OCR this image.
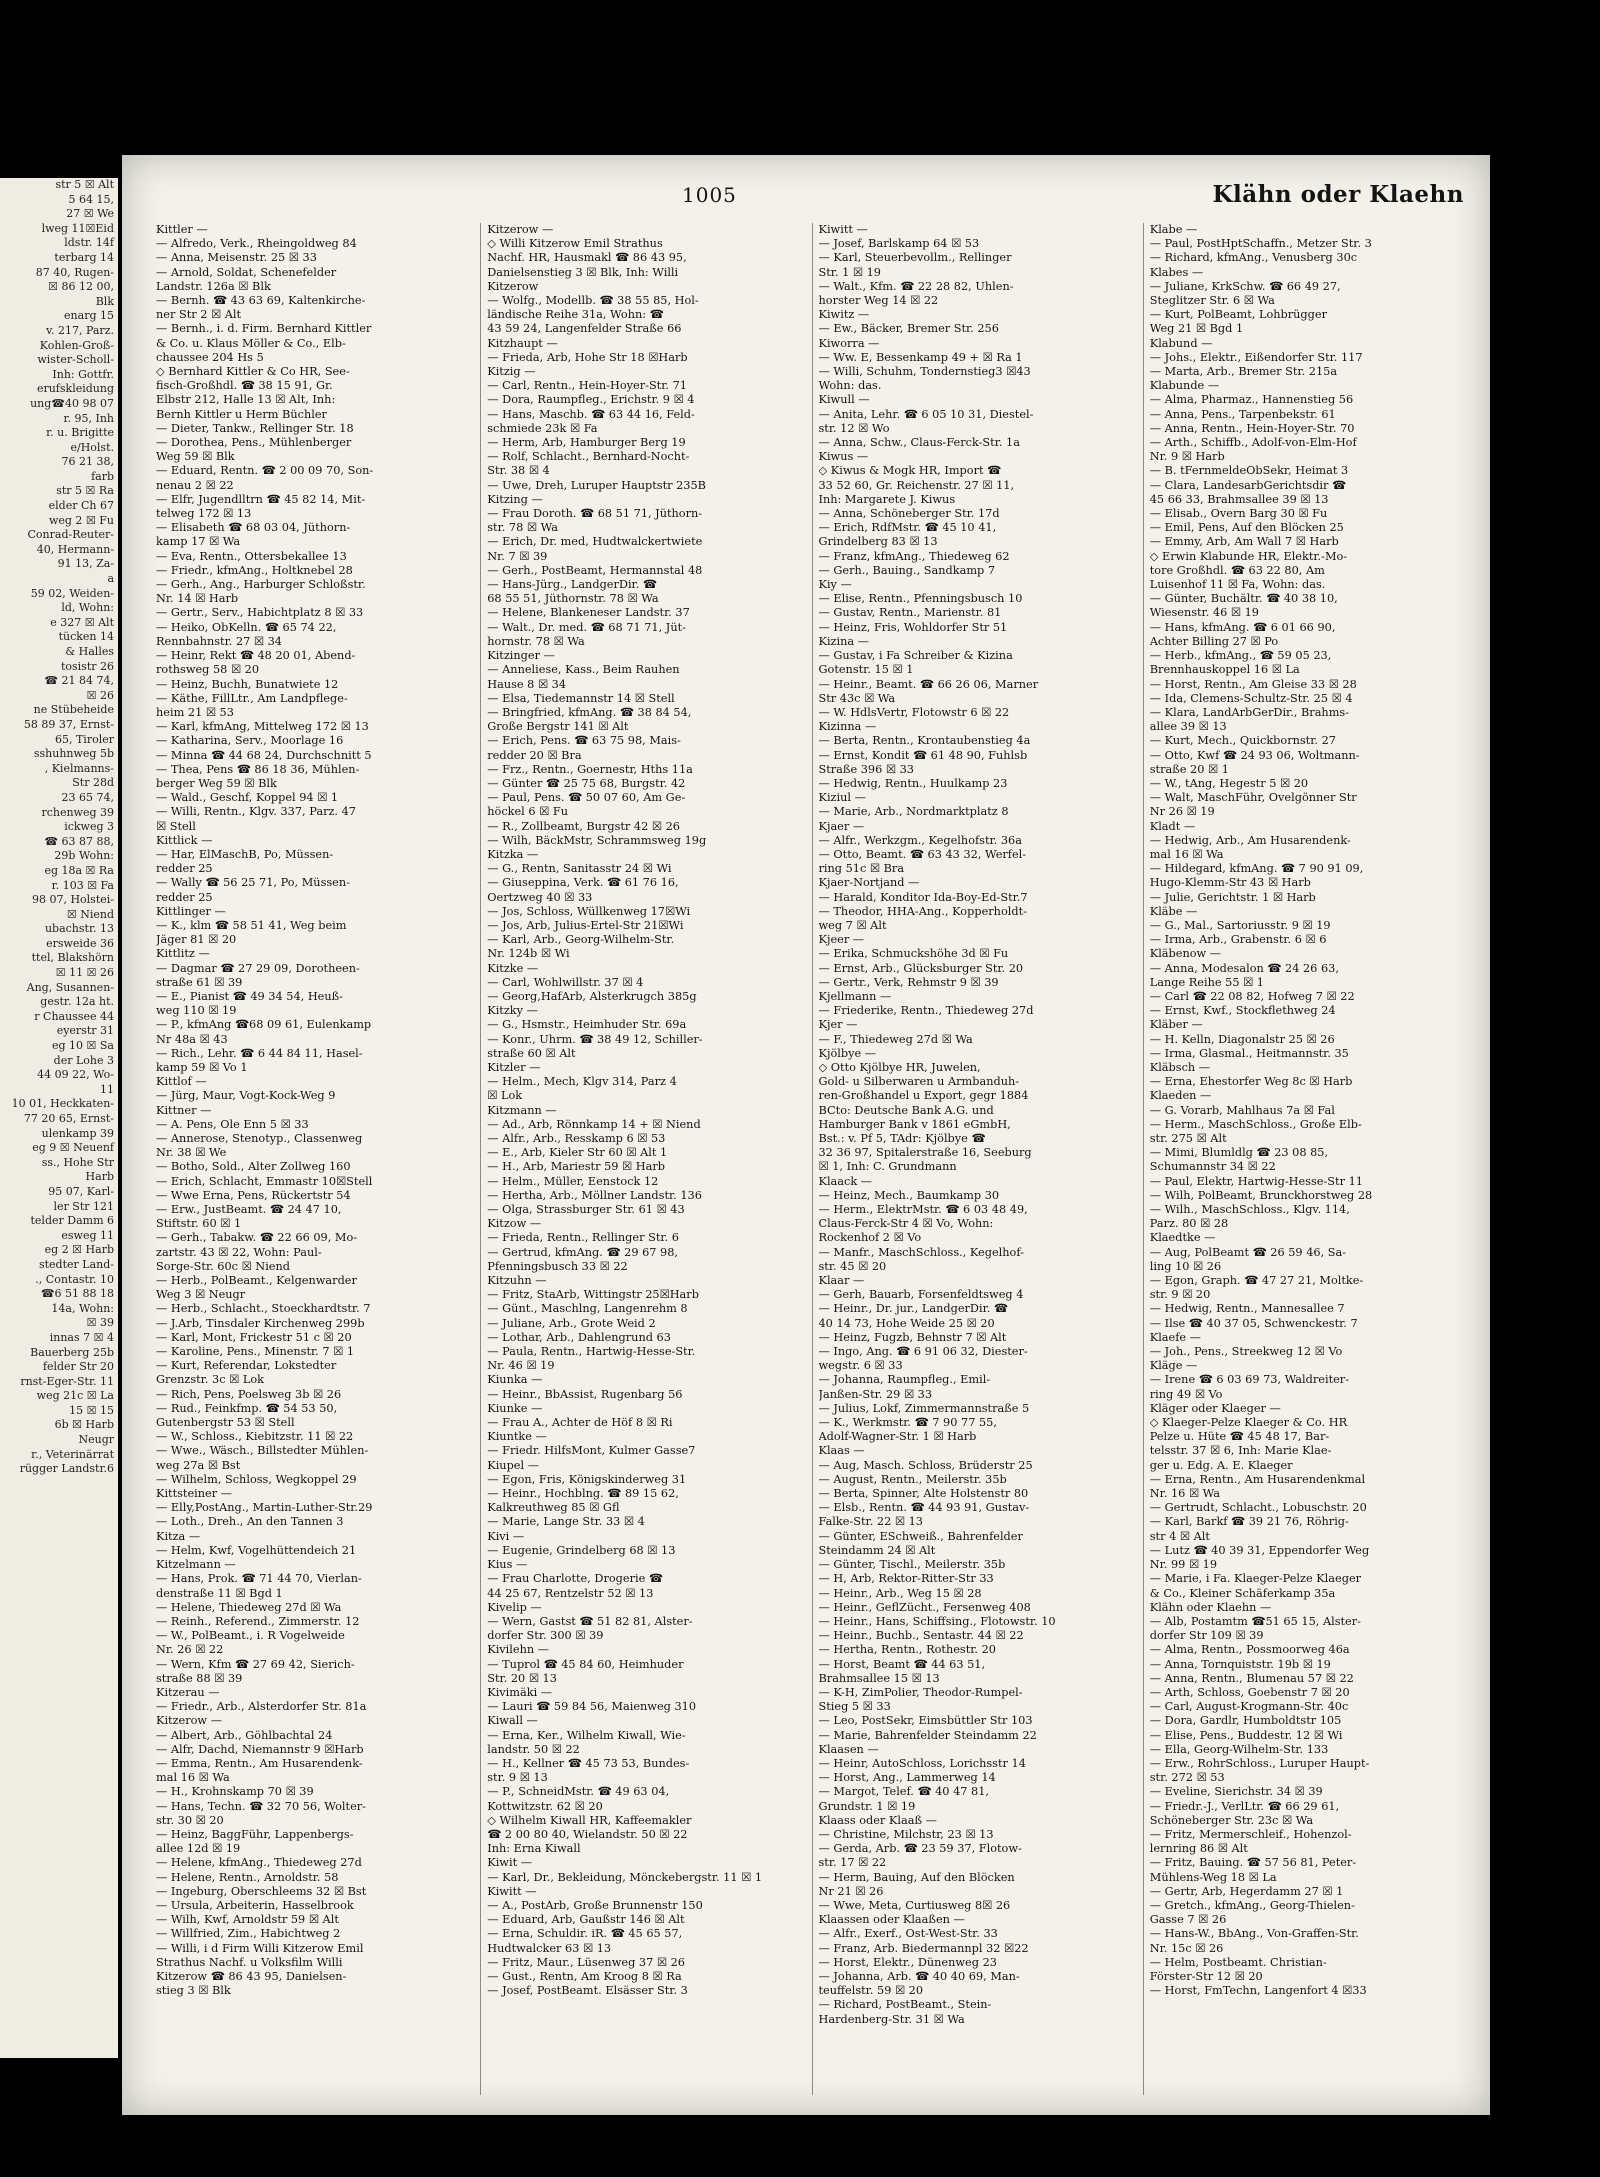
1005	Klähn oder Klaehn
Kittler —
— Alfredo, Verk., Rheingoldweg 84
— Anna, Meisenstr. 25 ☒ 33
— Arnold, Soldat, Schenefelder
Landstr. 126a ☒ Blk
— Bernh. ☎ 43 63 69, Kaltenkirche-
ner Str 2 ☒ Alt
— Bernh., i. d. Firm. Bernhard Kittler
& Co. u. Klaus Möller & Co., Elb-
chaussee 204 Hs 5
◇ Bernhard Kittler & Co HR, See-
fisch-Großhdl. ☎ 38 15 91, Gr.
Elbstr 212, Halle 13 ☒ Alt, Inh:
Bernh Kittler u Herm Büchler
— Dieter, Tankw., Rellinger Str. 18
— Dorothea, Pens., Mühlenberger
Weg 59 ☒ Blk
— Eduard, Rentn. ☎ 2 00 09 70, Son-
nenau 2 ☒ 22
— Elfr, Jugendlltrn ☎ 45 82 14, Mit-
telweg 172 ☒ 13
— Elisabeth ☎ 68 03 04, Jüthorn-
kamp 17 ☒ Wa
— Eva, Rentn., Ottersbekallee 13
— Friedr., kfmAng., Holtknebel 28
— Gerh., Ang., Harburger Schloßstr.
Nr. 14 ☒ Harb
— Gertr., Serv., Habichtplatz 8 ☒ 33
— Heiko, ObKelln. ☎ 65 74 22,
Rennbahnstr. 27 ☒ 34
— Heinr, Rekt ☎ 48 20 01, Abend-
rothsweg 58 ☒ 20
— Heinz, Buchh, Bunatwiete 12
— Käthe, FillLtr., Am Landpflege-
heim 21 ☒ 53
— Karl, kfmAng, Mittelweg 172 ☒ 13
— Katharina, Serv., Moorlage 16
— Minna ☎ 44 68 24, Durchschnitt 5
— Thea, Pens ☎ 86 18 36, Mühlen-
berger Weg 59 ☒ Blk
— Wald., Geschf, Koppel 94 ☒ 1
— Willi, Rentn., Klgv. 337, Parz. 47
☒ Stell
Kittlick —
— Har, ElMaschB, Po, Müssen-
redder 25
— Wally ☎ 56 25 71, Po, Müssen-
redder 25
Kittlinger —
— K., klm ☎ 58 51 41, Weg beim
Jäger 81 ☒ 20
Kittlitz —
— Dagmar ☎ 27 29 09, Dorotheen-
straße 61 ☒ 39
— E., Pianist ☎ 49 34 54, Heuß-
weg 110 ☒ 19
— P., kfmAng ☎68 09 61, Eulenkamp
Nr 48a ☒ 43
— Rich., Lehr. ☎ 6 44 84 11, Hasel-
kamp 59 ☒ Vo 1
Kittlof —
— Jürg, Maur, Vogt-Kock-Weg 9
Kittner —
— A. Pens, Ole Enn 5 ☒ 33
— Annerose, Stenotyp., Classenweg
Nr. 38 ☒ We
— Botho, Sold., Alter Zollweg 160
— Erich, Schlacht, Emmastr 10☒Stell
— Wwe Erna, Pens, Rückertstr 54
— Erw., JustBeamt. ☎ 24 47 10,
Stiftstr. 60 ☒ 1
— Gerh., Tabakw. ☎ 22 66 09, Mo-
zartstr. 43 ☒ 22, Wohn: Paul-
Sorge-Str. 60c ☒ Niend
— Herb., PolBeamt., Kelgenwarder
Weg 3 ☒ Neugr
— Herb., Schlacht., Stoeckhardtstr. 7
— J.Arb, Tinsdaler Kirchenweg 299b
— Karl, Mont, Frickestr 51 c ☒ 20
— Karoline, Pens., Minenstr. 7 ☒ 1
— Kurt, Referendar, Lokstedter
Grenzstr. 3c ☒ Lok
— Rich, Pens, Poelsweg 3b ☒ 26
— Rud., Feinkfmp. ☎ 54 53 50,
Gutenbergstr 53 ☒ Stell
— W., Schloss., Kiebitzstr. 11 ☒ 22
— Wwe., Wäsch., Billstedter Mühlen-
weg 27a ☒ Bst
— Wilhelm, Schloss, Wegkoppel 29
Kittsteiner —
— Elly,PostAng., Martin-Luther-Str.29
— Loth., Dreh., An den Tannen 3
Kitza —
— Helm, Kwf, Vogelhüttendeich 21
Kitzelmann —
— Hans, Prok. ☎ 71 44 70, Vierlan-
denstraße 11 ☒ Bgd 1
— Helene, Thiedeweg 27d ☒ Wa
— Reinh., Referend., Zimmerstr. 12
— W., PolBeamt., i. R Vogelweide
Nr. 26 ☒ 22
— Wern, Kfm ☎ 27 69 42, Sierich-
straße 88 ☒ 39
Kitzerau —
— Friedr., Arb., Alsterdorfer Str. 81a
Kitzerow —
— Albert, Arb., Göhlbachtal 24
— Alfr, Dachd, Niemannstr 9 ☒Harb
— Emma, Rentn., Am Husarendenk-
mal 16 ☒ Wa
— H., Krohnskamp 70 ☒ 39
— Hans, Techn. ☎ 32 70 56, Wolter-
str. 30 ☒ 20
— Heinz, BaggFühr, Lappenbergs-
allee 12d ☒ 19
— Helene, kfmAng., Thiedeweg 27d
— Helene, Rentn., Arnoldstr. 58
— Ingeburg, Oberschleems 32 ☒ Bst
— Ursula, Arbeiterin, Hasselbrook
— Wilh, Kwf, Arnoldstr 59 ☒ Alt
— Willfried, Zim., Habichtweg 2
— Willi, i d Firm Willi Kitzerow Emil
Strathus Nachf. u Volksfilm Willi
Kitzerow ☎ 86 43 95, Danielsen-
stieg 3 ☒ Blk
Kitzerow —
◇ Willi Kitzerow Emil Strathus
Nachf. HR, Hausmakl ☎ 86 43 95,
Danielsenstieg 3 ☒ Blk, Inh: Willi
Kitzerow
— Wolfg., Modellb. ☎ 38 55 85, Hol-
ländische Reihe 31a, Wohn: ☎
43 59 24, Langenfelder Straße 66
Kitzhaupt —
— Frieda, Arb, Hohe Str 18 ☒Harb
Kitzig —
— Carl, Rentn., Hein-Hoyer-Str. 71
— Dora, Raumpfleg., Erichstr. 9 ☒ 4
— Hans, Maschb. ☎ 63 44 16, Feld-
schmiede 23k ☒ Fa
— Herm, Arb, Hamburger Berg 19
— Rolf, Schlacht., Bernhard-Nocht-
Str. 38 ☒ 4
— Uwe, Dreh, Luruper Hauptstr 235B
Kitzing —
— Frau Doroth. ☎ 68 51 71, Jüthorn-
str. 78 ☒ Wa
— Erich, Dr. med, Hudtwalckertwiete
Nr. 7 ☒ 39
— Gerh., PostBeamt, Hermannstal 48
— Hans-Jürg., LandgerDir. ☎
68 55 51, Jüthornstr. 78 ☒ Wa
— Helene, Blankeneser Landstr. 37
— Walt., Dr. med. ☎ 68 71 71, Jüt-
hornstr. 78 ☒ Wa
Kitzinger —
— Anneliese, Kass., Beim Rauhen
Hause 8 ☒ 34
— Elsa, Tiedemannstr 14 ☒ Stell
— Bringfried, kfmAng. ☎ 38 84 54,
Große Bergstr 141 ☒ Alt
— Erich, Pens. ☎ 63 75 98, Mais-
redder 20 ☒ Bra
— Frz., Rentn., Goernestr, Hths 11a
— Günter ☎ 25 75 68, Burgstr. 42
— Paul, Pens. ☎ 50 07 60, Am Ge-
höckel 6 ☒ Fu
— R., Zollbeamt, Burgstr 42 ☒ 26
— Wilh, BäckMstr, Schrammsweg 19g
Kitzka —
— G., Rentn, Sanitasstr 24 ☒ Wi
— Giuseppina, Verk. ☎ 61 76 16,
Oertzweg 40 ☒ 33
— Jos, Schloss, Wüllkenweg 17☒Wi
— Jos, Arb, Julius-Ertel-Str 21☒Wi
— Karl, Arb., Georg-Wilhelm-Str.
Nr. 124b ☒ Wi
Kitzke —
— Carl, Wohlwillstr. 37 ☒ 4
— Georg,HafArb, Alsterkrugch 385g
Kitzky —
— G., Hsmstr., Heimhuder Str. 69a
— Konr., Uhrm. ☎ 38 49 12, Schiller-
straße 60 ☒ Alt
Kitzler —
— Helm., Mech, Klgv 314, Parz 4
☒ Lok
Kitzmann —
— Ad., Arb, Rönnkamp 14 + ☒ Niend
— Alfr., Arb., Resskamp 6 ☒ 53
— E., Arb, Kieler Str 60 ☒ Alt 1
— H., Arb, Mariestr 59 ☒ Harb
— Helm., Müller, Eenstock 12
— Hertha, Arb., Möllner Landstr. 136
— Olga, Strassburger Str. 61 ☒ 43
Kitzow —
— Frieda, Rentn., Rellinger Str. 6
— Gertrud, kfmAng. ☎ 29 67 98,
Pfenningsbusch 33 ☒ 22
Kitzuhn —
— Fritz, StaArb, Wittingstr 25☒Harb
— Günt., Maschlng, Langenrehm 8
— Juliane, Arb., Grote Weid 2
— Lothar, Arb., Dahlengrund 63
— Paula, Rentn., Hartwig-Hesse-Str.
Nr. 46 ☒ 19
Kiunka —
— Heinr., BbAssist, Rugenbarg 56
Kiunke —
— Frau A., Achter de Höf 8 ☒ Ri
Kiuntke —
— Friedr. HilfsMont, Kulmer Gasse7
Kiupel —
— Egon, Fris, Königskinderweg 31
— Heinr., Hochblng. ☎ 89 15 62,
Kalkreuthweg 85 ☒ Gfl
— Marie, Lange Str. 33 ☒ 4
Kivi —
— Eugenie, Grindelberg 68 ☒ 13
Kius —
— Frau Charlotte, Drogerie ☎
44 25 67, Rentzelstr 52 ☒ 13
Kivelip —
— Wern, Gastst ☎ 51 82 81, Alster-
dorfer Str. 300 ☒ 39
Kivilehn —
— Tuprol ☎ 45 84 60, Heimhuder
Str. 20 ☒ 13
Kivimäki —
— Lauri ☎ 59 84 56, Maienweg 310
Kiwall —
— Erna, Ker., Wilhelm Kiwall, Wie-
landstr. 50 ☒ 22
— H., Kellner ☎ 45 73 53, Bundes-
str. 9 ☒ 13
— P., SchneidMstr. ☎ 49 63 04,
Kottwitzstr. 62 ☒ 20
◇ Wilhelm Kiwall HR, Kaffeemakler
☎ 2 00 80 40, Wielandstr. 50 ☒ 22
Inh: Erna Kiwall
Kiwit —
— Karl, Dr., Bekleidung, Mönckebergstr. 11 ☒ 1
Kiwitt —
— A., PostArb, Große Brunnenstr 150
— Eduard, Arb, Gaußstr 146 ☒ Alt
— Erna, Schuldir. iR. ☎ 45 65 57,
Hudtwalcker 63 ☒ 13
— Fritz, Maur., Lüsenweg 37 ☒ 26
— Gust., Rentn, Am Kroog 8 ☒ Ra
— Josef, PostBeamt. Elsässer Str. 3
Kiwitt —
— Josef, Barlskamp 64 ☒ 53
— Karl, Steuerbevollm., Rellinger
Str. 1 ☒ 19
— Walt., Kfm. ☎ 22 28 82, Uhlen-
horster Weg 14 ☒ 22
Kiwitz —
— Ew., Bäcker, Bremer Str. 256
Kiworra —
— Ww. E, Bessenkamp 49 + ☒ Ra 1
— Willi, Schuhm, Tondernstieg3 ☒43
Wohn: das.
Kiwull —
— Anita, Lehr. ☎ 6 05 10 31, Diestel-
str. 12 ☒ Wo
— Anna, Schw., Claus-Ferck-Str. 1a
Kiwus —
◇ Kiwus & Mogk HR, Import ☎
33 52 60, Gr. Reichenstr. 27 ☒ 11,
Inh: Margarete J. Kiwus
— Anna, Schöneberger Str. 17d
— Erich, RdfMstr. ☎ 45 10 41,
Grindelberg 83 ☒ 13
— Franz, kfmAng., Thiedeweg 62
— Gerh., Bauing., Sandkamp 7
Kiy —
— Elise, Rentn., Pfenningsbusch 10
— Gustav, Rentn., Marienstr. 81
— Heinz, Fris, Wohldorfer Str 51
Kizina —
— Gustav, i Fa Schreiber & Kizina
Gotenstr. 15 ☒ 1
— Heinr., Beamt. ☎ 66 26 06, Marner
Str 43c ☒ Wa
— W. HdlsVertr, Flotowstr 6 ☒ 22
Kizinna —
— Berta, Rentn., Krontaubenstieg 4a
— Ernst, Kondit ☎ 61 48 90, Fuhlsb
Straße 396 ☒ 33
— Hedwig, Rentn., Huulkamp 23
Kiziul —
— Marie, Arb., Nordmarktplatz 8
Kjaer —
— Alfr., Werkzgm., Kegelhofstr. 36a
— Otto, Beamt. ☎ 63 43 32, Werfel-
ring 51c ☒ Bra
Kjaer-Nortjand —
— Harald, Konditor Ida-Boy-Ed-Str.7
— Theodor, HHA-Ang., Kopperholdt-
weg 7 ☒ Alt
Kjeer —
— Erika, Schmuckshöhe 3d ☒ Fu
— Ernst, Arb., Glücksburger Str. 20
— Gertr., Verk, Rehmstr 9 ☒ 39
Kjellmann —
— Friederike, Rentn., Thiedeweg 27d
Kjer —
— F., Thiedeweg 27d ☒ Wa
Kjölbye —
◇ Otto Kjölbye HR, Juwelen,
Gold- u Silberwaren u Armbanduh-
ren-Großhandel u Export, gegr 1884
BCto: Deutsche Bank A.G. und
Hamburger Bank v 1861 eGmbH,
Bst.: v. Pf 5, TAdr: Kjölbye ☎
32 36 97, Spitalerstraße 16, Seeburg
☒ 1, Inh: C. Grundmann
Klaack —
— Heinz, Mech., Baumkamp 30
— Herm., ElektrMstr. ☎ 6 03 48 49,
Claus-Ferck-Str 4 ☒ Vo, Wohn:
Rockenhof 2 ☒ Vo
— Manfr., MaschSchloss., Kegelhof-
str. 45 ☒ 20
Klaar —
— Gerh, Bauarb, Forsenfeldtsweg 4
— Heinr., Dr. jur., LandgerDir. ☎
40 14 73, Hohe Weide 25 ☒ 20
— Heinz, Fugzb, Behnstr 7 ☒ Alt
— Ingo, Ang. ☎ 6 91 06 32, Diester-
wegstr. 6 ☒ 33
— Johanna, Raumpfleg., Emil-
Janßen-Str. 29 ☒ 33
— Julius, Lokf, Zimmermannstraße 5
— K., Werkmstr. ☎ 7 90 77 55,
Adolf-Wagner-Str. 1 ☒ Harb
Klaas —
— Aug, Masch. Schloss, Brüderstr 25
— August, Rentn., Meilerstr. 35b
— Berta, Spinner, Alte Holstenstr 80
— Elsb., Rentn. ☎ 44 93 91, Gustav-
Falke-Str. 22 ☒ 13
— Günter, ESchweiß., Bahrenfelder
Steindamm 24 ☒ Alt
— Günter, Tischl., Meilerstr. 35b
— H, Arb, Rektor-Ritter-Str 33
— Heinr., Arb., Weg 15 ☒ 28
— Heinr., GeflZücht., Fersenweg 408
— Heinr., Hans, Schiffsing., Flotowstr. 10
— Heinr., Buchb., Sentastr. 44 ☒ 22
— Hertha, Rentn., Rothestr. 20
— Horst, Beamt ☎ 44 63 51,
Brahmsallee 15 ☒ 13
— K-H, ZimPolier, Theodor-Rumpel-
Stieg 5 ☒ 33
— Leo, PostSekr, Eimsbüttler Str 103
— Marie, Bahrenfelder Steindamm 22
Klaasen —
— Heinr, AutoSchloss, Lorichsstr 14
— Horst, Ang., Lammerweg 14
— Margot, Telef. ☎ 40 47 81,
Grundstr. 1 ☒ 19
Klaass oder Klaaß —
— Christine, Milchstr, 23 ☒ 13
— Gerda, Arb. ☎ 23 59 37, Flotow-
str. 17 ☒ 22
— Herm, Bauing, Auf den Blöcken
Nr 21 ☒ 26
— Wwe, Meta, Curtiusweg 8☒ 26
Klaassen oder Klaaßen —
— Alfr., Exerf., Ost-West-Str. 33
— Franz, Arb. Biedermannpl 32 ☒22
— Horst, Elektr., Dünenweg 23
— Johanna, Arb. ☎ 40 40 69, Man-
teuffelstr. 59 ☒ 20
— Richard, PostBeamt., Stein-
Hardenberg-Str. 31 ☒ Wa
Klabe —
— Paul, PostHptSchaffn., Metzer Str. 3
— Richard, kfmAng., Venusberg 30c
Klabes —
— Juliane, KrkSchw. ☎ 66 49 27,
Steglitzer Str. 6 ☒ Wa
— Kurt, PolBeamt, Lohbrügger
Weg 21 ☒ Bgd 1
Klabund —
— Johs., Elektr., Eißendorfer Str. 117
— Marta, Arb., Bremer Str. 215a
Klabunde —
— Alma, Pharmaz., Hannenstieg 56
— Anna, Pens., Tarpenbekstr. 61
— Anna, Rentn., Hein-Hoyer-Str. 70
— Arth., Schiffb., Adolf-von-Elm-Hof
Nr. 9 ☒ Harb
— B. tFernmeldeObSekr, Heimat 3
— Clara, LandesarbGerichtsdir ☎
45 66 33, Brahmsallee 39 ☒ 13
— Elisab., Overn Barg 30 ☒ Fu
— Emil, Pens, Auf den Blöcken 25
— Emmy, Arb, Am Wall 7 ☒ Harb
◇ Erwin Klabunde HR, Elektr.-Mo-
tore Großhdl. ☎ 63 22 80, Am
Luisenhof 11 ☒ Fa, Wohn: das.
— Günter, Buchältr. ☎ 40 38 10,
Wiesenstr. 46 ☒ 19
— Hans, kfmAng. ☎ 6 01 66 90,
Achter Billing 27 ☒ Po
— Herb., kfmAng., ☎ 59 05 23,
Brennhauskoppel 16 ☒ La
— Horst, Rentn., Am Gleise 33 ☒ 28
— Ida, Clemens-Schultz-Str. 25 ☒ 4
— Klara, LandArbGerDir., Brahms-
allee 39 ☒ 13
— Kurt, Mech., Quickbornstr. 27
— Otto, Kwf ☎ 24 93 06, Woltmann-
straße 20 ☒ 1
— W., tAng, Hegestr 5 ☒ 20
— Walt, MaschFühr, Ovelgönner Str
Nr 26 ☒ 19
Kladt —
— Hedwig, Arb., Am Husarendenk-
mal 16 ☒ Wa
— Hildegard, kfmAng. ☎ 7 90 91 09,
Hugo-Klemm-Str 43 ☒ Harb
— Julie, Gerichtstr. 1 ☒ Harb
Kläbe —
— G., Mal., Sartoriusstr. 9 ☒ 19
— Irma, Arb., Grabenstr. 6 ☒ 6
Kläbenow —
— Anna, Modesalon ☎ 24 26 63,
Lange Reihe 55 ☒ 1
— Carl ☎ 22 08 82, Hofweg 7 ☒ 22
— Ernst, Kwf., Stockflethweg 24
Kläber —
— H. Kelln, Diagonalstr 25 ☒ 26
— Irma, Glasmal., Heitmannstr. 35
Kläbsch —
— Erna, Ehestorfer Weg 8c ☒ Harb
Klaeden —
— G. Vorarb, Mahlhaus 7a ☒ Fal
— Herm., MaschSchloss., Große Elb-
str. 275 ☒ Alt
— Mimi, Blumldlg ☎ 23 08 85,
Schumannstr 34 ☒ 22
— Paul, Elektr, Hartwig-Hesse-Str 11
— Wilh, PolBeamt, Brunckhorstweg 28
— Wilh., MaschSchloss., Klgv. 114,
Parz. 80 ☒ 28
Klaedtke —
— Aug, PolBeamt ☎ 26 59 46, Sa-
ling 10 ☒ 26
— Egon, Graph. ☎ 47 27 21, Moltke-
str. 9 ☒ 20
— Hedwig, Rentn., Mannesallee 7
— Ilse ☎ 40 37 05, Schwenckestr. 7
Klaefe —
— Joh., Pens., Streekweg 12 ☒ Vo
Kläge —
— Irene ☎ 6 03 69 73, Waldreiter-
ring 49 ☒ Vo
Kläger oder Klaeger —
◇ Klaeger-Pelze Klaeger & Co. HR
Pelze u. Hüte ☎ 45 48 17, Bar-
telsstr. 37 ☒ 6, Inh: Marie Klae-
ger u. Edg. A. E. Klaeger
— Erna, Rentn., Am Husarendenkmal
Nr. 16 ☒ Wa
— Gertrudt, Schlacht., Lobuschstr. 20
— Karl, Barkf ☎ 39 21 76, Röhrig-
str 4 ☒ Alt
— Lutz ☎ 40 39 31, Eppendorfer Weg
Nr. 99 ☒ 19
— Marie, i Fa. Klaeger-Pelze Klaeger
& Co., Kleiner Schäferkamp 35a
Klähn oder Klaehn —
— Alb, Postamtm ☎51 65 15, Alster-
dorfer Str 109 ☒ 39
— Alma, Rentn., Possmoorweg 46a
— Anna, Tornquiststr. 19b ☒ 19
— Anna, Rentn., Blumenau 57 ☒ 22
— Arth, Schloss, Goebenstr 7 ☒ 20
— Carl, August-Krogmann-Str. 40c
— Dora, Gardlr, Humboldtstr 105
— Elise, Pens., Buddestr. 12 ☒ Wi
— Ella, Georg-Wilhelm-Str. 133
— Erw., RohrSchloss., Luruper Haupt-
str. 272 ☒ 53
— Eveline, Sierichstr. 34 ☒ 39
— Friedr.-J., VerlLtr. ☎ 66 29 61,
Schöneberger Str. 23c ☒ Wa
— Fritz, Mermerschleif., Hohenzol-
lernring 86 ☒ Alt
— Fritz, Bauing. ☎ 57 56 81, Peter-
Mühlens-Weg 18 ☒ La
— Gertr, Arb, Hegerdamm 27 ☒ 1
— Gretch., kfmAng., Georg-Thielen-
Gasse 7 ☒ 26
— Hans-W., BbAng., Von-Graffen-Str.
Nr. 15c ☒ 26
— Helm, Postbeamt. Christian-
Förster-Str 12 ☒ 20
— Horst, FmTechn, Langenfort 4 ☒33
str 5 ☒ Alt
5 64 15,
27 ☒ We
lweg 11☒Eid
ldstr. 14f
terbarg 14
87 40, Rugen-
☒ 86 12 00,
Blk
enarg 15
v. 217, Parz.
Kohlen-Groß-
wister-Scholl-
Inh: Gottfr.
erufskleidung
ung☎40 98 07
r. 95, Inh
r. u. Brigitte
e/Holst.
76 21 38,
farb
str 5 ☒ Ra
elder Ch 67
weg 2 ☒ Fu
Conrad-Reuter-
40, Hermann-
91 13, Za-
a
59 02, Weiden-
ld, Wohn:
e 327 ☒ Alt
tücken 14
& Halles
tosistr 26
☎ 21 84 74,
☒ 26
ne Stübeheide
58 89 37, Ernst-
65, Tiroler
sshuhnweg 5b
, Kielmanns-
Str 28d
23 65 74,
rchenweg 39
ickweg 3
☎ 63 87 88,
29b Wohn:
eg 18a ☒ Ra
r. 103 ☒ Fa
98 07, Holstei-
☒ Niend
ubachstr. 13
ersweide 36
ttel, Blakshörn
☒ 11 ☒ 26
Ang, Susannen-
gestr. 12a ht.
r Chaussee 44
eyerstr 31
eg 10 ☒ Sa
der Lohe 3
44 09 22, Wo-
11
10 01, Heckkaten-
77 20 65, Ernst-
ulenkamp 39
eg 9 ☒ Neuenf
ss., Hohe Str
Harb
95 07, Karl-
ler Str 121
telder Damm 6
esweg 11
eg 2 ☒ Harb
stedter Land-
., Contastr. 10
☎6 51 88 18
14a, Wohn:
☒ 39
innas 7 ☒ 4
Bauerberg 25b
felder Str 20
rnst-Eger-Str. 11
weg 21c ☒ La
15 ☒ 15
6b ☒ Harb
Neugr
r., Veterinärrat
rügger Landstr.6
